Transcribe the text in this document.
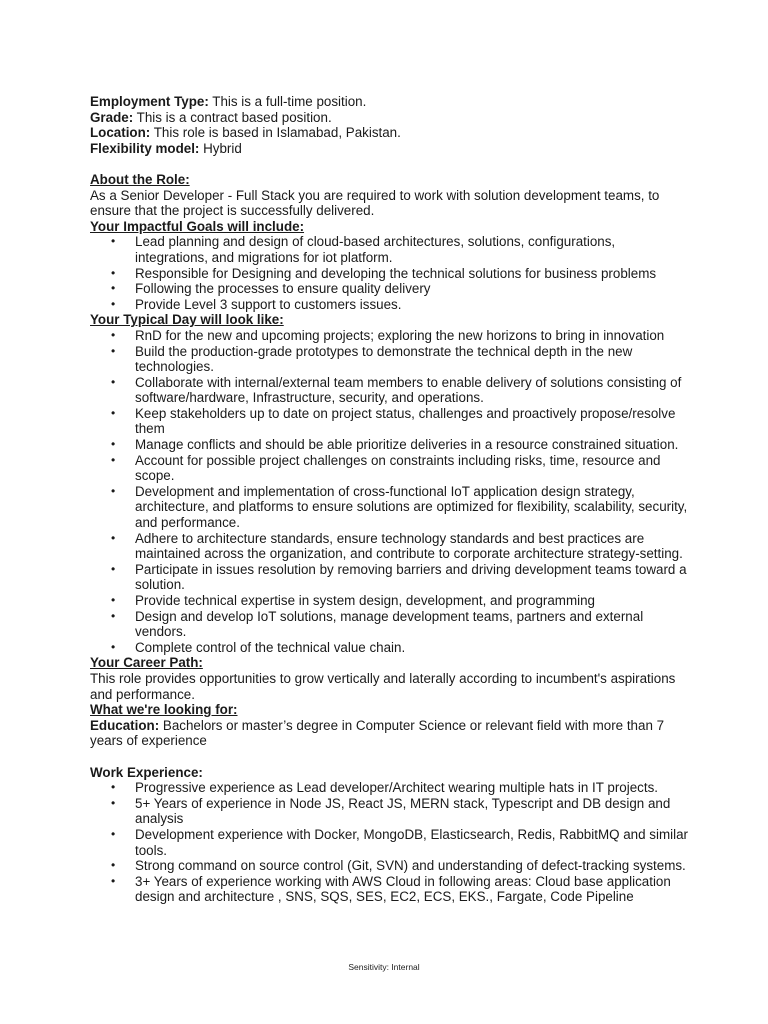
Employment Type: This is a full-time position.

Grade: This is a contract based position.

Location: This role is based in Islamabad, Pakistan.

Flexibility model: Hybrid

About the Role:

As a Senior Developer - Full Stack you are required to work with solution development teams, to ensure that the project is successfully delivered.

Your Impactful Goals will include:

• Lead planning and design of cloud-based architectures, solutions, configurations, integrations, and migrations for iot platform.
• Responsible for Designing and developing the technical solutions for business problems
• Following the processes to ensure quality delivery
• Provide Level 3 support to customers issues.

Your Typical Day will look like:

• RnD for the new and upcoming projects; exploring the new horizons to bring in innovation
• Build the production-grade prototypes to demonstrate the technical depth in the new technologies.
• Collaborate with internal/external team members to enable delivery of solutions consisting of software/hardware, Infrastructure, security, and operations.
• Keep stakeholders up to date on project status, challenges and proactively propose/resolve them
• Manage conflicts and should be able prioritize deliveries in a resource constrained situation.
• Account for possible project challenges on constraints including risks, time, resource and scope.
• Development and implementation of cross-functional IoT application design strategy, architecture, and platforms to ensure solutions are optimized for flexibility, scalability, security, and performance.
• Adhere to architecture standards, ensure technology standards and best practices are maintained across the organization, and contribute to corporate architecture strategy-setting.
• Participate in issues resolution by removing barriers and driving development teams toward a solution.
• Provide technical expertise in system design, development, and programming
• Design and develop IoT solutions, manage development teams, partners and external vendors.
• Complete control of the technical value chain.

Your Career Path:

This role provides opportunities to grow vertically and laterally according to incumbent's aspirations and performance.

What we're looking for:

Education: Bachelors or master’s degree in Computer Science or relevant field with more than 7 years of experience

Work Experience:

• Progressive experience as Lead developer/Architect wearing multiple hats in IT projects.
• 5+ Years of experience in Node JS, React JS, MERN stack, Typescript and DB design and analysis
• Development experience with Docker, MongoDB, Elasticsearch, Redis, RabbitMQ and similar tools.
• Strong command on source control (Git, SVN) and understanding of defect-tracking systems.
• 3+ Years of experience working with AWS Cloud in following areas: Cloud base application design and architecture , SNS, SQS, SES, EC2, ECS, EKS., Fargate, Code Pipeline
Sensitivity: Internal
